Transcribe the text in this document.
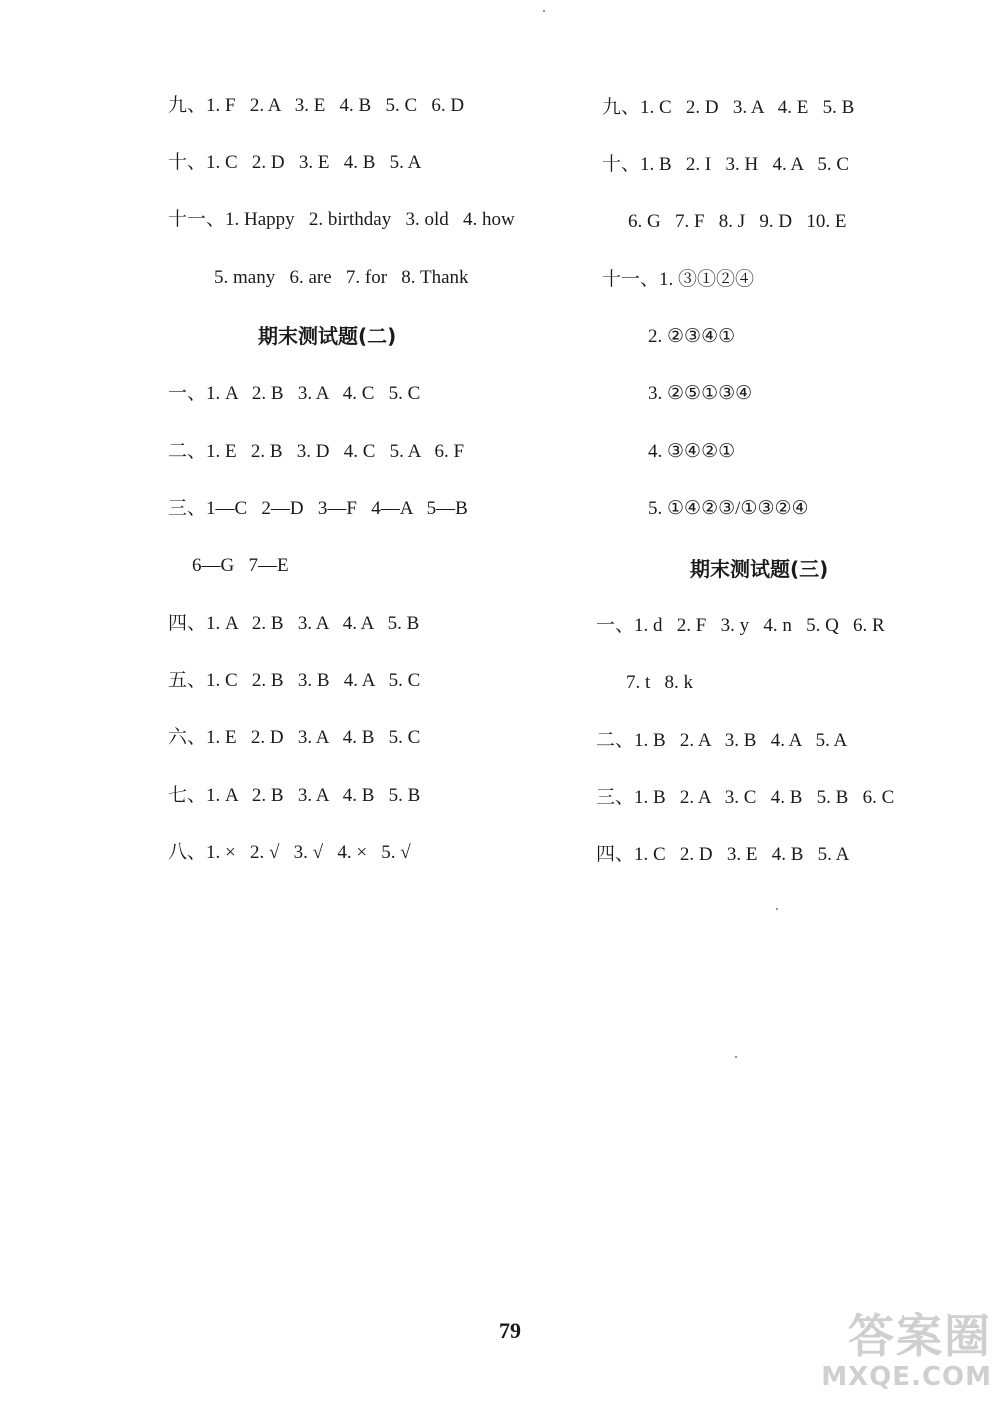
九、1. F   2. A   3. E   4. B   5. C   6. D
十、1. C   2. D   3. E   4. B   5. A
十一、1. Happy   2. birthday   3. old   4. how
5. many   6. are   7. for   8. Thank
期末测试题(二)
一、1. A   2. B   3. A   4. C   5. C
二、1. E   2. B   3. D   4. C   5. A   6. F
三、1—C   2—D   3—F   4—A   5—B
6—G   7—E
四、1. A   2. B   3. A   4. A   5. B
五、1. C   2. B   3. B   4. A   5. C
六、1. E   2. D   3. A   4. B   5. C
七、1. A   2. B   3. A   4. B   5. B
八、1. ×   2. √   3. √   4. ×   5. √
九、1. C   2. D   3. A   4. E   5. B
十、1. B   2. I   3. H   4. A   5. C
6. G   7. F   8. J   9. D   10. E
十一、1. ③①②④
2. ②③④①
3. ②⑤①③④
4. ③④②①
5. ①④②③/①③②④
期末测试题(三)
一、1. d   2. F   3. y   4. n   5. Q   6. R
7. t   8. k
二、1. B   2. A   3. B   4. A   5. A
三、1. B   2. A   3. C   4. B   5. B   6. C
四、1. C   2. D   3. E   4. B   5. A
79	答案圈
MXQE.COM
